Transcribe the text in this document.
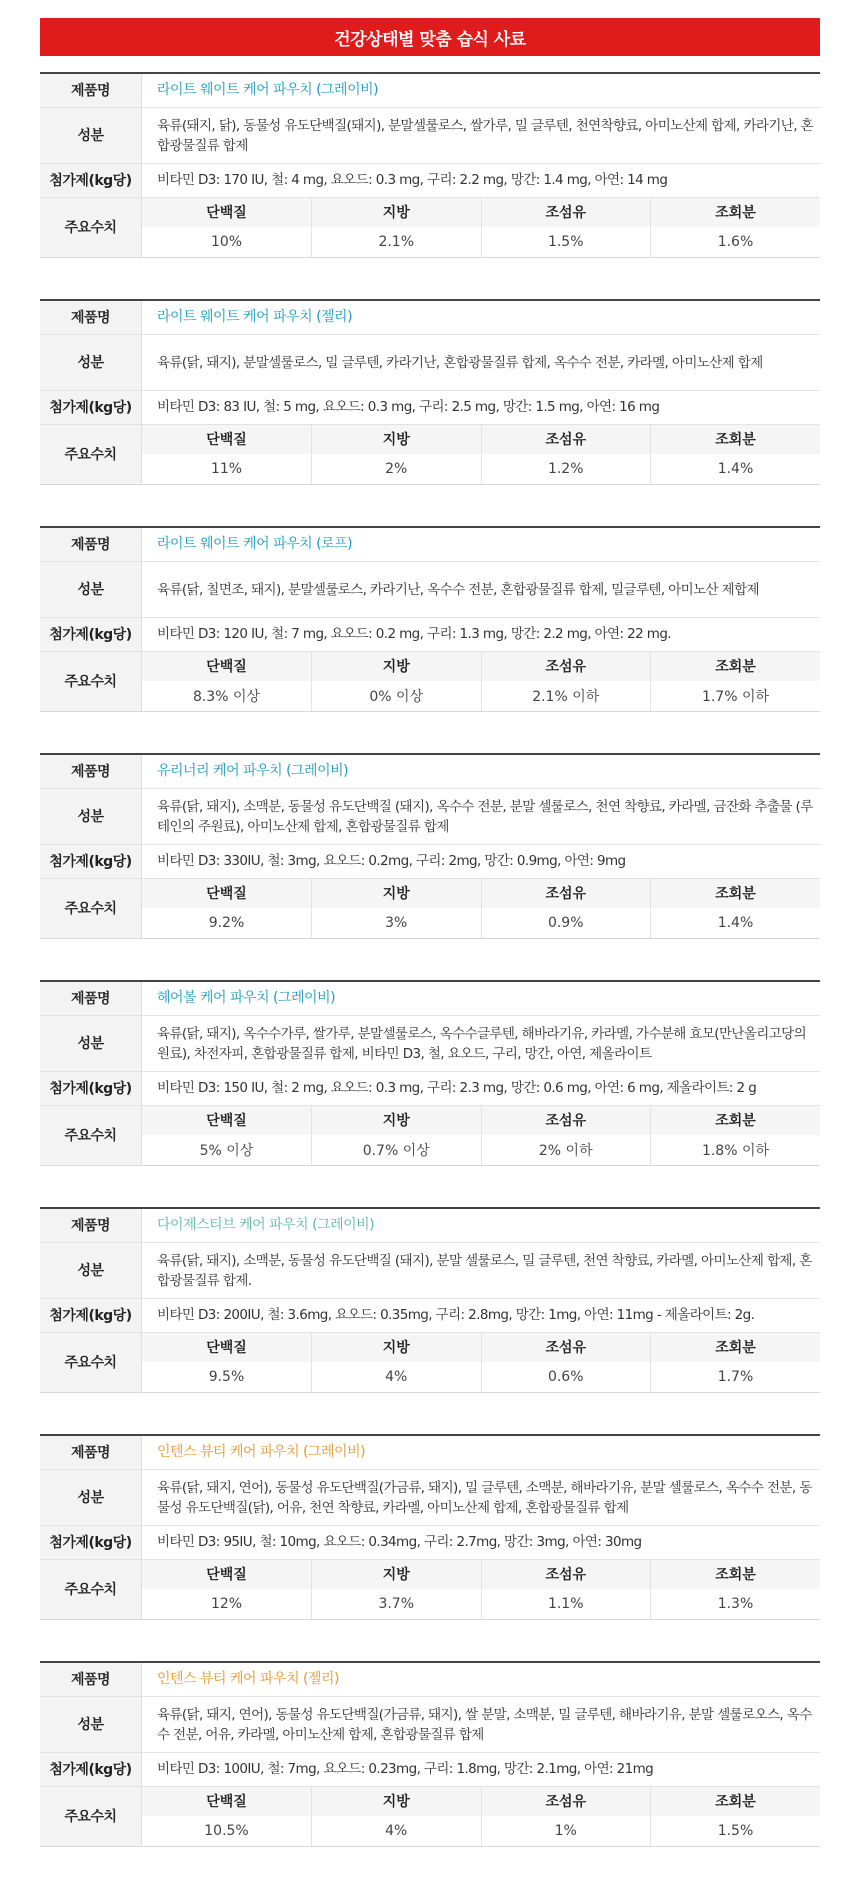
건강상태별 맞춤 습식 사료
제품명	라이트 웨이트 케어 파우치 (그레이비)
성분	
육류(돼지, 닭), 동물성 유도단백질(돼지), 분말셀룰로스, 쌀가루, 밀 글루텐, 천연착향료, 아미노산제 합제, 카라기난, 혼합광물질류 합제

첨가제(kg당)	비타민 D3: 170 IU, 철: 4 mg, 요오드: 0.3 mg, 구리: 2.2 mg, 망간: 1.4 mg, 아연: 14 mg
주요수치	
단백질	지방	조섬유	조회분
10%	2.1%	1.5%	1.6%
제품명	라이트 웨이트 케어 파우치 (젤리)
성분	육류(닭, 돼지), 분말셀룰로스, 밀 글루텐, 카라기난, 혼합광물질류 합제, 옥수수 전분, 카라멜, 아미노산제 합제

첨가제(kg당)	비타민 D3: 83 IU, 철: 5 mg, 요오드: 0.3 mg, 구리: 2.5 mg, 망간: 1.5 mg, 아연: 16 mg
주요수치	
단백질	지방	조섬유	조회분
11%	2%	1.2%	1.4%
제품명	라이트 웨이트 케어 파우치 (로프)
성분	육류(닭, 칠면조, 돼지), 분말셀룰로스, 카라기난, 옥수수 전분, 혼합광물질류 합제, 밀글루텐, 아미노산 제합제

첨가제(kg당)	비타민 D3: 120 IU, 철: 7 mg, 요오드: 0.2 mg, 구리: 1.3 mg, 망간: 2.2 mg, 아연: 22 mg.
주요수치	
단백질	지방	조섬유	조회분
8.3% 이상	0% 이상	2.1% 이하	1.7% 이하
제품명	유리너리 케어 파우치 (그레이비)
성분	
육류(닭, 돼지), 소맥분, 동물성 유도단백질 (돼지), 옥수수 전분, 분말 셀룰로스, 천연 착향료, 카라멜, 금잔화 추출물 (루테인의 주원료), 아미노산제 합제, 혼합광물질류 합제

첨가제(kg당)	비타민 D3: 330IU, 철: 3mg, 요오드: 0.2mg, 구리: 2mg, 망간: 0.9mg, 아연: 9mg
주요수치	
단백질	지방	조섬유	조회분
9.2%	3%	0.9%	1.4%
제품명	헤어볼 케어 파우치 (그레이비)
성분	
육류(닭, 돼지), 옥수수가루, 쌀가루, 분말셀룰로스, 옥수수글루텐, 해바라기유, 카라멜, 가수분해 효모(만난올리고당의 원료), 차전자피, 혼합광물질류 합제, 비타민 D3, 철, 요오드, 구리, 망간, 아연, 제올라이트

첨가제(kg당)	비타민 D3: 150 IU, 철: 2 mg, 요오드: 0.3 mg, 구리: 2.3 mg, 망간: 0.6 mg, 아연: 6 mg, 제올라이트: 2 g
주요수치	
단백질	지방	조섬유	조회분
5% 이상	0.7% 이상	2% 이하	1.8% 이하
제품명	다이제스티브 케어 파우치 (그레이비)
성분	
육류(닭, 돼지), 소맥분, 동물성 유도단백질 (돼지), 분말 셀룰로스, 밀 글루텐, 천연 착향료, 카라멜, 아미노산제 합제, 혼합광물질류 합제.

첨가제(kg당)	비타민 D3: 200IU, 철: 3.6mg, 요오드: 0.35mg, 구리: 2.8mg, 망간: 1mg, 아연: 11mg - 제올라이트: 2g.
주요수치	
단백질	지방	조섬유	조회분
9.5%	4%	0.6%	1.7%
제품명	인텐스 뷰티 케어 파우치 (그레이비)
성분	
육류(닭, 돼지, 연어), 동물성 유도단백질(가금류, 돼지), 밀 글루텐, 소맥분, 해바라기유, 분말 셀룰로스, 옥수수 전분, 동물성 유도단백질(닭), 어유, 천연 착향료, 카라멜, 아미노산제 합제, 혼합광물질류 합제

첨가제(kg당)	비타민 D3: 95IU, 철: 10mg, 요오드: 0.34mg, 구리: 2.7mg, 망간: 3mg, 아연: 30mg
주요수치	
단백질	지방	조섬유	조회분
12%	3.7%	1.1%	1.3%
제품명	인텐스 뷰티 케어 파우치 (젤리)
성분	
육류(닭, 돼지, 연어), 동물성 유도단백질(가금류, 돼지), 쌀 분말, 소맥분, 밀 글루텐, 해바라기유, 분말 셀룰로오스, 옥수수 전분, 어유, 카라멜, 아미노산제 합제, 혼합광물질류 합제

첨가제(kg당)	비타민 D3: 100IU, 철: 7mg, 요오드: 0.23mg, 구리: 1.8mg, 망간: 2.1mg, 아연: 21mg
주요수치	
단백질	지방	조섬유	조회분
10.5%	4%	1%	1.5%
